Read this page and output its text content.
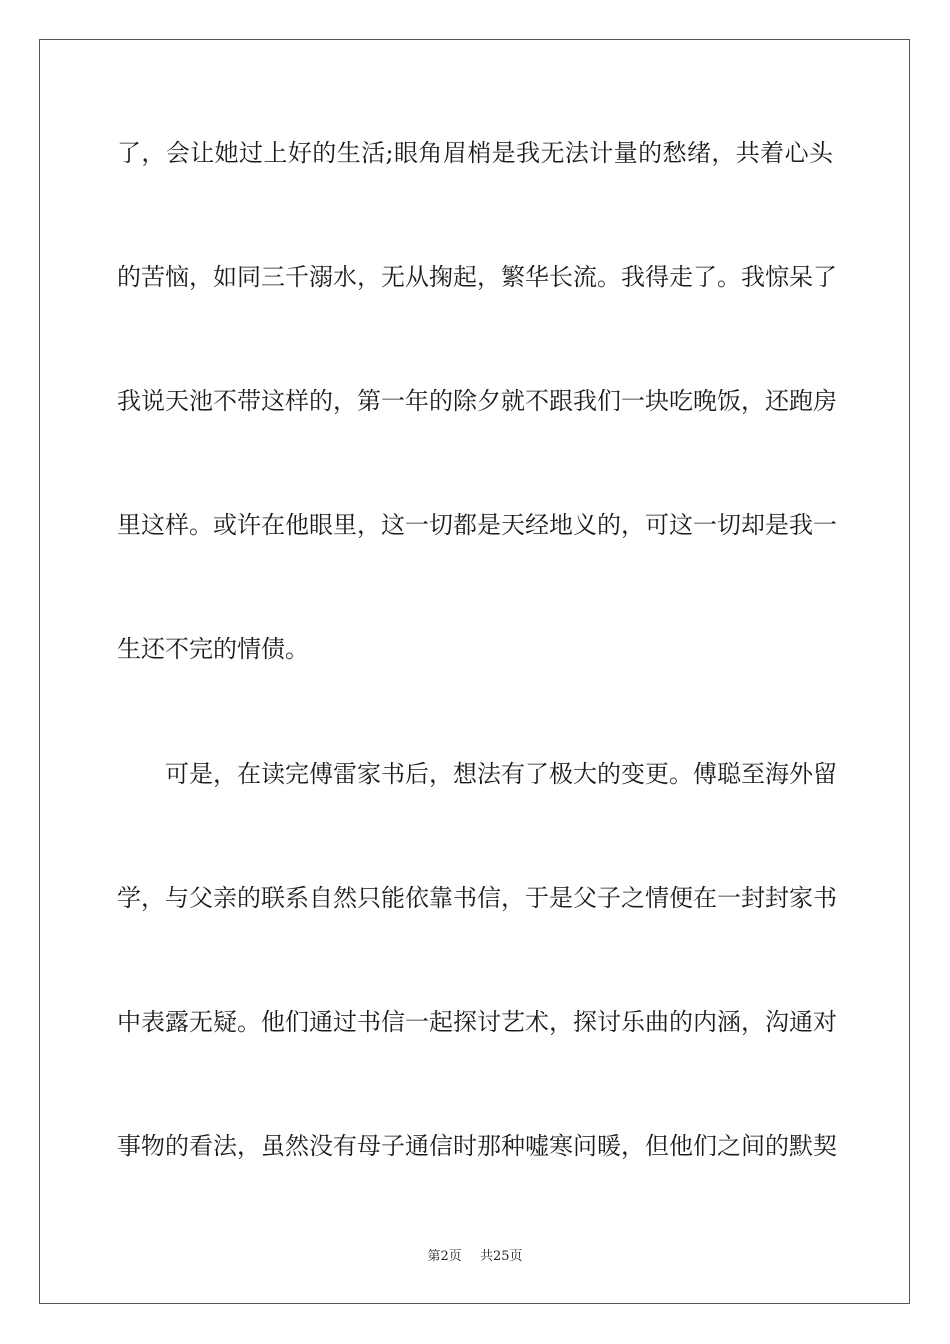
了，会让她过上好的生活;眼角眉梢是我无法计量的愁绪，共着心头
的苦恼，如同三千溺水，无从掬起，繁华长流。我得走了。我惊呆了
我说天池不带这样的，第一年的除夕就不跟我们一块吃晚饭，还跑房
里这样。或许在他眼里，这一切都是天经地义的，可这一切却是我一
生还不完的情债。
可是，在读完傅雷家书后，想法有了极大的变更。傅聪至海外留
学，与父亲的联系自然只能依靠书信，于是父子之情便在一封封家书
中表露无疑。他们通过书信一起探讨艺术，探讨乐曲的内涵，沟通对
事物的看法，虽然没有母子通信时那种嘘寒问暖，但他们之间的默契
第2页 共25页
